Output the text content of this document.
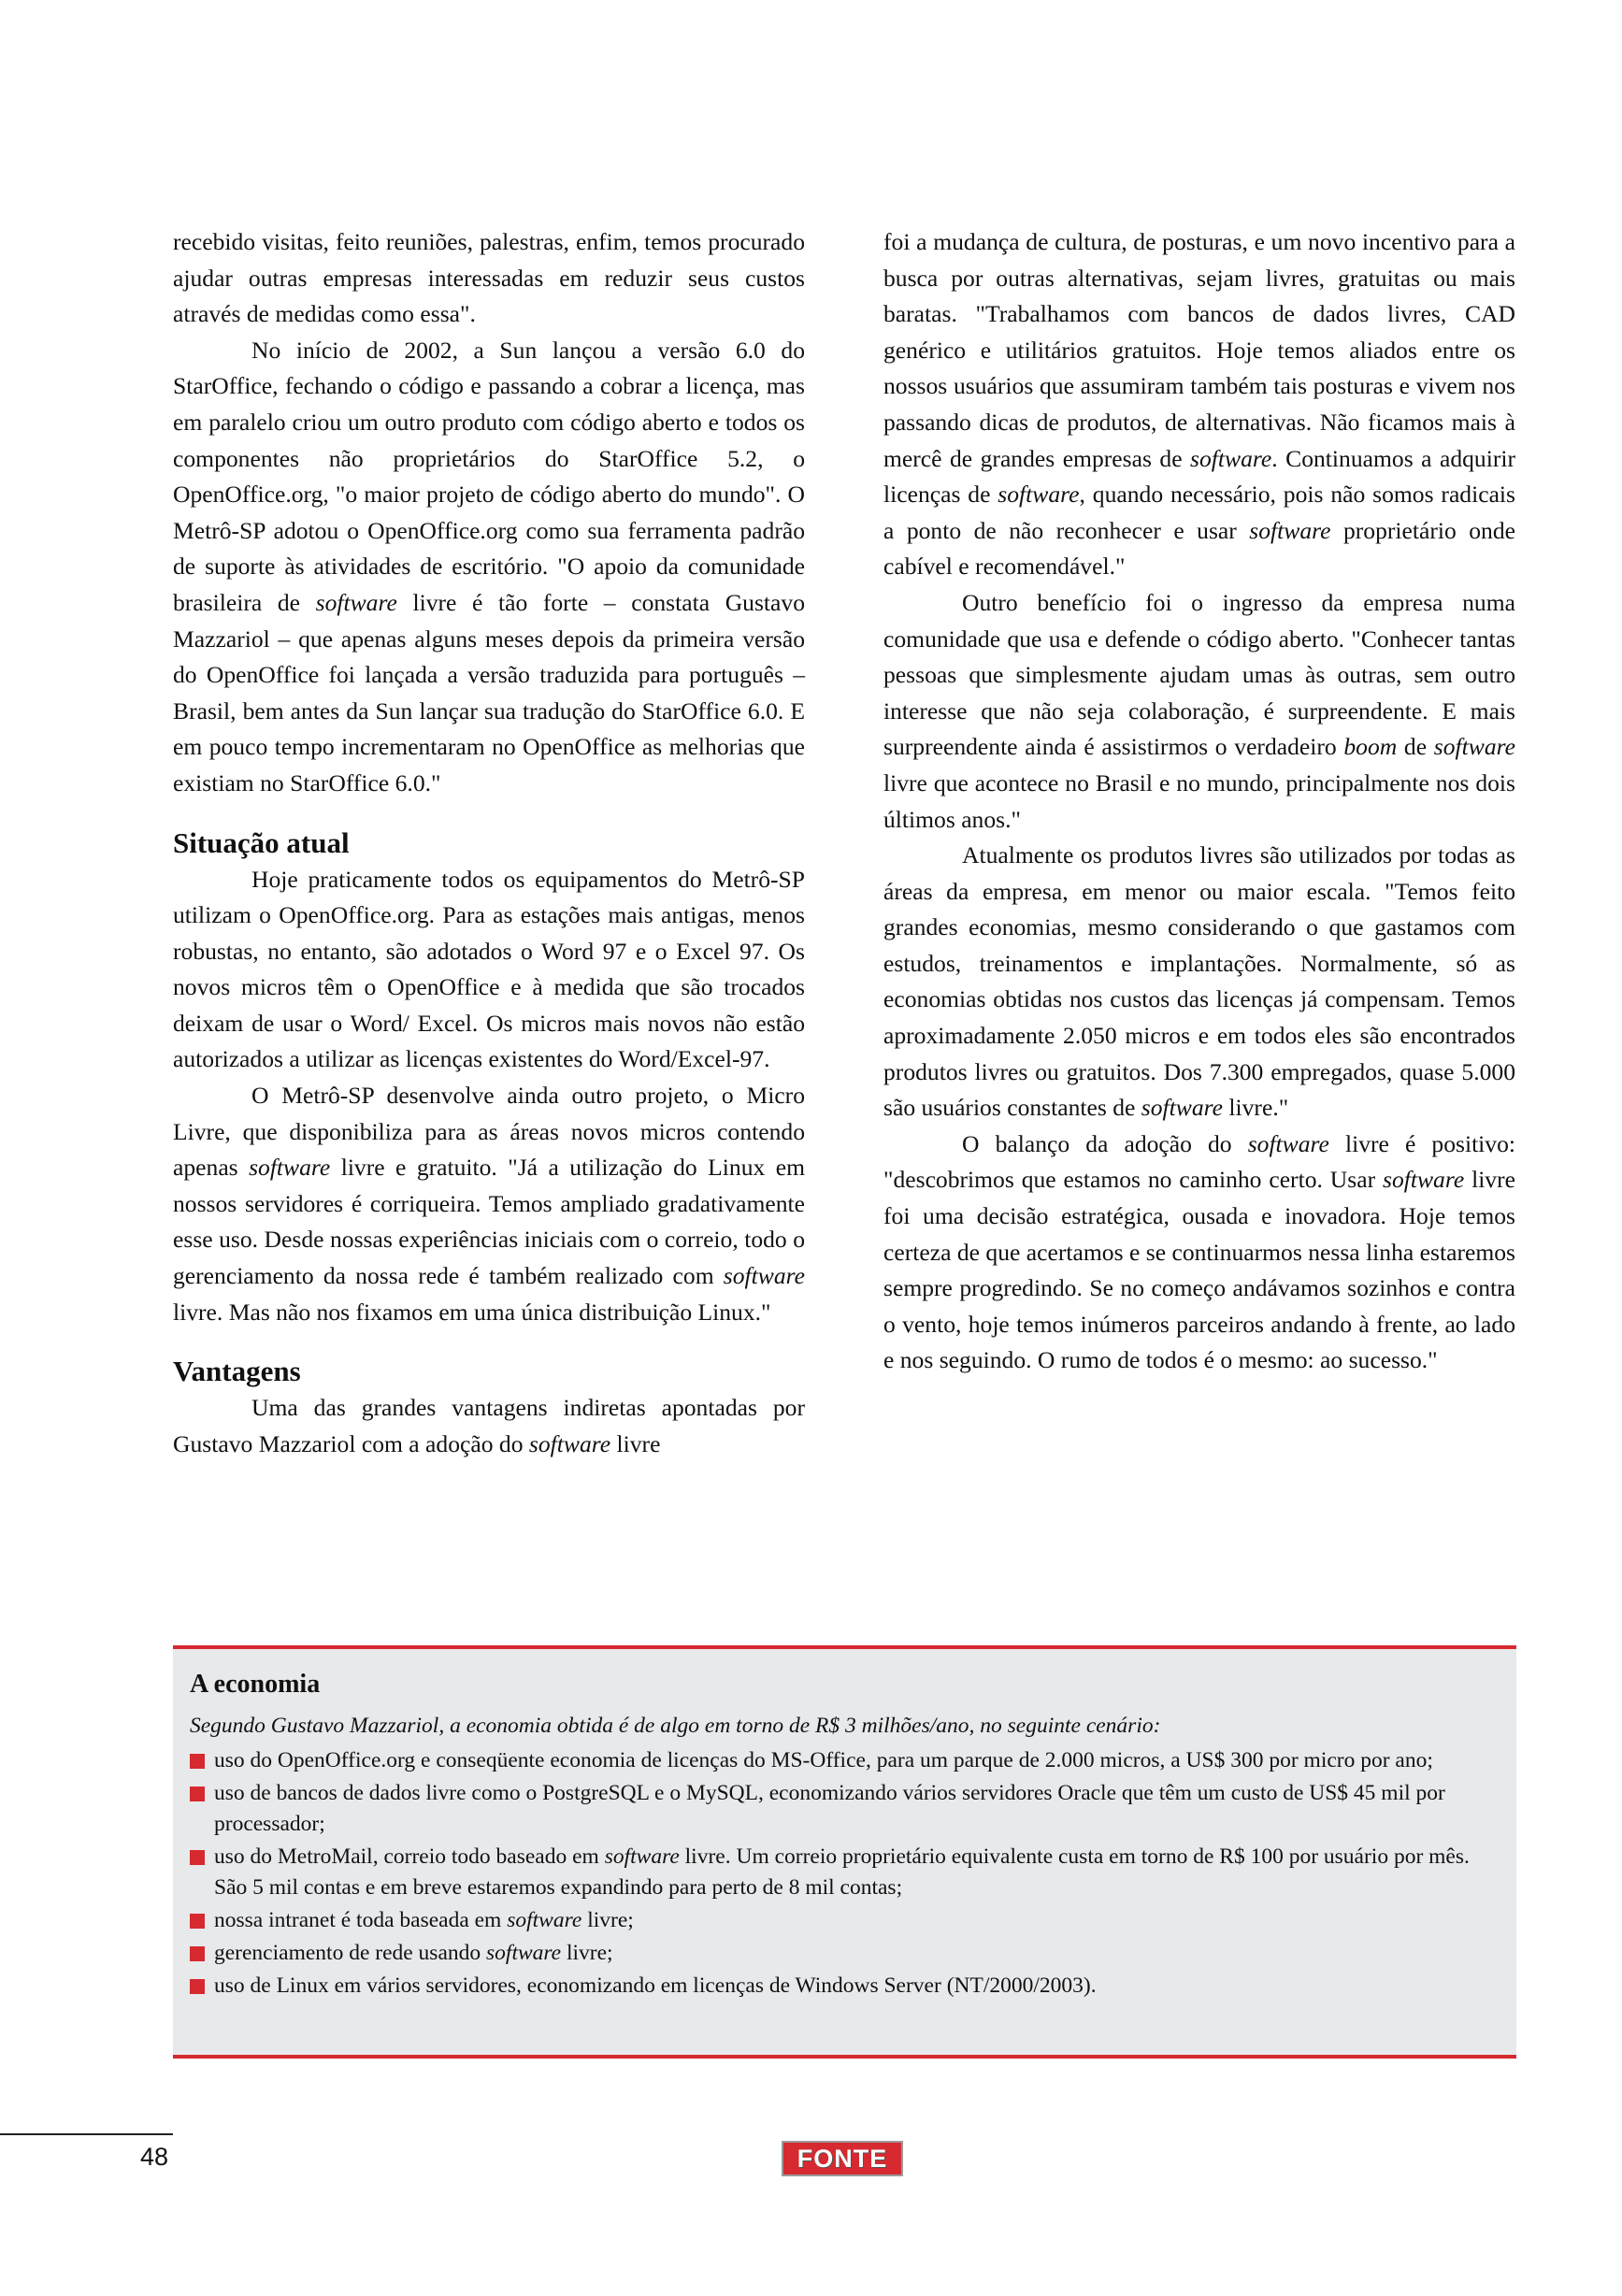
recebido visitas, feito reuniões, palestras, enfim, temos procurado ajudar outras empresas interessadas em reduzir seus custos através de medidas como essa".

No início de 2002, a Sun lançou a versão 6.0 do StarOffice, fechando o código e passando a cobrar a licença, mas em paralelo criou um outro produto com código aberto e todos os componentes não proprietários do StarOffice 5.2, o OpenOffice.org, "o maior projeto de código aberto do mundo". O Metrô-SP adotou o OpenOffice.org como sua ferramenta padrão de suporte às atividades de escritório. "O apoio da comunidade brasileira de software livre é tão forte – constata Gustavo Mazzariol – que apenas alguns meses depois da primeira versão do OpenOffice foi lançada a versão traduzida para português – Brasil, bem antes da Sun lançar sua tradução do StarOffice 6.0. E em pouco tempo incrementaram no OpenOffice as melhorias que existiam no StarOffice 6.0."

Situação atual

Hoje praticamente todos os equipamentos do Metrô-SP utilizam o OpenOffice.org. Para as estações mais antigas, menos robustas, no entanto, são adotados o Word 97 e o Excel 97. Os novos micros têm o OpenOffice e à medida que são trocados deixam de usar o Word/ Excel. Os micros mais novos não estão autorizados a utilizar as licenças existentes do Word/Excel-97.

O Metrô-SP desenvolve ainda outro projeto, o Micro Livre, que disponibiliza para as áreas novos micros contendo apenas software livre e gratuito. "Já a utilização do Linux em nossos servidores é corriqueira. Temos ampliado gradativamente esse uso. Desde nossas experiências iniciais com o correio, todo o gerenciamento da nossa rede é também realizado com software livre. Mas não nos fixamos em uma única distribuição Linux."

Vantagens

Uma das grandes vantagens indiretas apontadas por Gustavo Mazzariol com a adoção do software livre

foi a mudança de cultura, de posturas, e um novo incentivo para a busca por outras alternativas, sejam livres, gratuitas ou mais baratas. "Trabalhamos com bancos de dados livres, CAD genérico e utilitários gratuitos. Hoje temos aliados entre os nossos usuários que assumiram também tais posturas e vivem nos passando dicas de produtos, de alternativas. Não ficamos mais à mercê de grandes empresas de software. Continuamos a adquirir licenças de software, quando necessário, pois não somos radicais a ponto de não reconhecer e usar software proprietário onde cabível e recomendável."

Outro benefício foi o ingresso da empresa numa comunidade que usa e defende o código aberto. "Conhecer tantas pessoas que simplesmente ajudam umas às outras, sem outro interesse que não seja colaboração, é surpreendente. E mais surpreendente ainda é assistirmos o verdadeiro boom de software livre que acontece no Brasil e no mundo, principalmente nos dois últimos anos."

Atualmente os produtos livres são utilizados por todas as áreas da empresa, em menor ou maior escala. "Temos feito grandes economias, mesmo considerando o que gastamos com estudos, treinamentos e implantações. Normalmente, só as economias obtidas nos custos das licenças já compensam. Temos aproximadamente 2.050 micros e em todos eles são encontrados produtos livres ou gratuitos. Dos 7.300 empregados, quase 5.000 são usuários constantes de software livre."

O balanço da adoção do software livre é positivo: "descobrimos que estamos no caminho certo. Usar software livre foi uma decisão estratégica, ousada e inovadora. Hoje temos certeza de que acertamos e se continuarmos nessa linha estaremos sempre progredindo. Se no começo andávamos sozinhos e contra o vento, hoje temos inúmeros parceiros andando à frente, ao lado e nos seguindo. O rumo de todos é o mesmo: ao sucesso."

A economia

Segundo Gustavo Mazzariol, a economia obtida é de algo em torno de R$ 3 milhões/ano, no seguinte cenário:

uso do OpenOffice.org e conseqüente economia de licenças do MS-Office, para um parque de 2.000 micros, a US$ 300 por micro por ano;
uso de bancos de dados livre como o PostgreSQL e o MySQL, economizando vários servidores Oracle que têm um custo de US$ 45 mil por processador;
uso do MetroMail, correio todo baseado em software livre. Um correio proprietário equivalente custa em torno de R$ 100 por usuário por mês. São 5 mil contas e em breve estaremos expandindo para perto de 8 mil contas;
nossa intranet é toda baseada em software livre;
gerenciamento de rede usando software livre;
uso de Linux em vários servidores, economizando em licenças de Windows Server (NT/2000/2003).
48	FONTE
